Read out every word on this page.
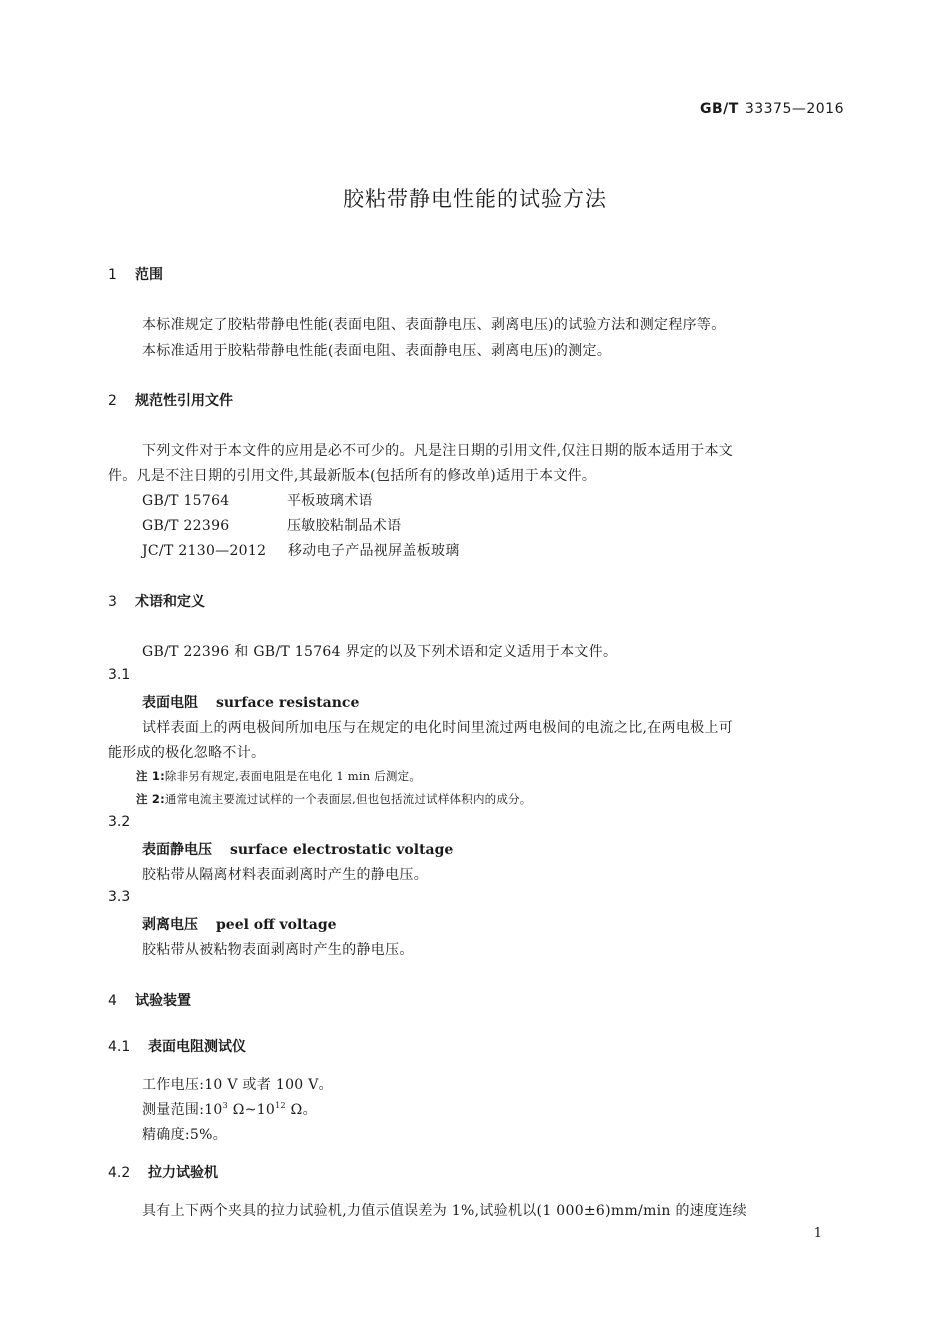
GB/T 33375—2016
胶粘带静电性能的试验方法
1 范围
本标准规定了胶粘带静电性能(表面电阻、表面静电压、剥离电压)的试验方法和测定程序等。
本标准适用于胶粘带静电性能(表面电阻、表面静电压、剥离电压)的测定。
2 规范性引用文件
下列文件对于本文件的应用是必不可少的。凡是注日期的引用文件,仅注日期的版本适用于本文
件。凡是不注日期的引用文件,其最新版本(包括所有的修改单)适用于本文件。
GB/T 15764	平板玻璃术语
GB/T 22396	压敏胶粘制品术语
JC/T 2130—2012 移动电子产品视屏盖板玻璃
3 术语和定义
GB/T 22396 和 GB/T 15764 界定的以及下列术语和定义适用于本文件。
3.1
表面电阻 surface resistance
试样表面上的两电极间所加电压与在规定的电化时间里流过两电极间的电流之比,在两电极上可
能形成的极化忽略不计。
注 1:除非另有规定,表面电阻是在电化 1 min 后测定。
注 2:通常电流主要流过试样的一个表面层,但也包括流过试样体积内的成分。
3.2
表面静电压 surface electrostatic voltage
胶粘带从隔离材料表面剥离时产生的静电压。
3.3
剥离电压 peel off voltage
胶粘带从被粘物表面剥离时产生的静电压。
4 试验装置
4.1 表面电阻测试仪
工作电压:10 V 或者 100 V。
测量范围$:10^3$ $\Omega\sim 10^{12}$ Ω。
精确度:5%。
4.2 拉力试验机
具有上下两个夹具的拉力试验机,力值示值误差为 1%,试验机以(1 000±6)mm/min 的速度连续
1
